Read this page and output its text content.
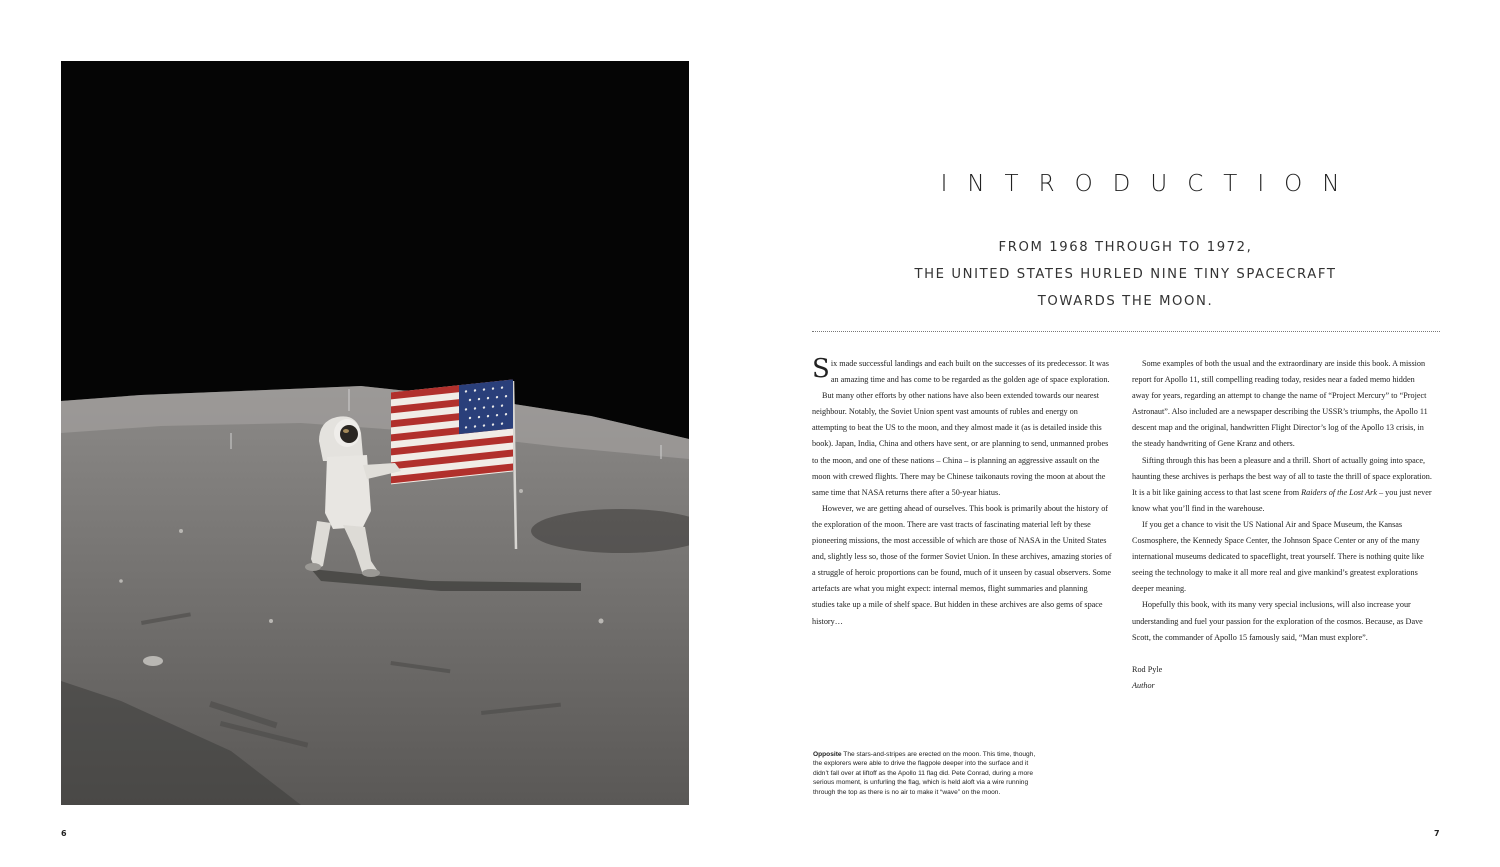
6
INTRODUCTION
FROM 1968 THROUGH TO 1972,
THE UNITED STATES HURLED NINE TINY SPACECRAFT
TOWARDS THE MOON.

Six made successful landings and each built on the successes of its predecessor. It was an amazing time and has come to be regarded as the golden age of space exploration.

But many other efforts by other nations have also been extended towards our nearest neighbour. Notably, the Soviet Union spent vast amounts of rubles and energy on attempting to beat the US to the moon, and they almost made it (as is detailed inside this book). Japan, India, China and others have sent, or are planning to send, unmanned probes to the moon, and one of these nations – China – is planning an aggressive assault on the moon with crewed flights. There may be Chinese taikonauts roving the moon at about the same time that NASA returns there after a 50-year hiatus.

However, we are getting ahead of ourselves. This book is primarily about the history of the exploration of the moon. There are vast tracts of fascinating material left by these pioneering missions, the most accessible of which are those of NASA in the United States and, slightly less so, those of the former Soviet Union. In these archives, amazing stories of a struggle of heroic proportions can be found, much of it unseen by casual observers. Some artefacts are what you might expect: internal memos, flight summaries and planning studies take up a mile of shelf space. But hidden in these archives are also gems of space history…

Some examples of both the usual and the extraordinary are inside this book. A mission report for Apollo 11, still compelling reading today, resides near a faded memo hidden away for years, regarding an attempt to change the name of “Project Mercury” to “Project Astronaut”. Also included are a newspaper describing the USSR’s triumphs, the Apollo 11 descent map and the original, handwritten Flight Director’s log of the Apollo 13 crisis, in the steady handwriting of Gene Kranz and others.

Sifting through this has been a pleasure and a thrill. Short of actually going into space, haunting these archives is perhaps the best way of all to taste the thrill of space exploration. It is a bit like gaining access to that last scene from Raiders of the Lost Ark – you just never know what you’ll find in the warehouse.

If you get a chance to visit the US National Air and Space Museum, the Kansas Cosmosphere, the Kennedy Space Center, the Johnson Space Center or any of the many international museums dedicated to spaceflight, treat yourself. There is nothing quite like seeing the technology to make it all more real and give mankind’s greatest explorations deeper meaning.

Hopefully this book, with its many very special inclusions, will also increase your understanding and fuel your passion for the exploration of the cosmos. Because, as Dave Scott, the commander of Apollo 15 famously said, “Man must explore”.

Rod Pyle
Author
Opposite The stars-and-stripes are erected on the moon. This time, though, the explorers were able to drive the flagpole deeper into the surface and it didn’t fall over at liftoff as the Apollo 11 flag did. Pete Conrad, during a more serious moment, is unfurling the flag, which is held aloft via a wire running through the top as there is no air to make it “wave” on the moon.
7
